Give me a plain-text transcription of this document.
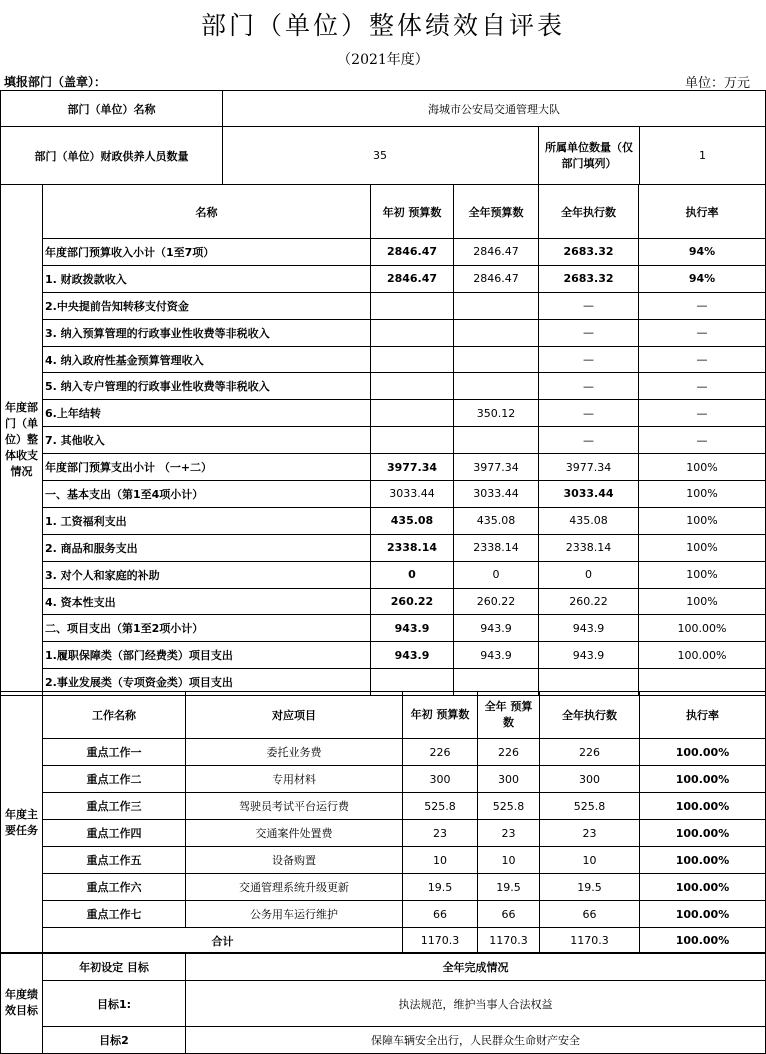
部门（单位）整体绩效自评表
（2021年度）
填报部门（盖章）：	单位：万元
部门（单位）名称	海城市公安局交通管理大队		
部门（单位）财政供养人员数量	35	所属单位数量（仅部门填列）	1
年度部门（单位）整体收支情况	名称	年初 预算数	全年预算数	全年执行数	执行率
	年度部门预算收入小计（1至7项）	2846.47	2846.47	2683.32	94%
	1. 财政拨款收入	2846.47	2846.47	2683.32	94%
	2.中央提前告知转移支付资金			—	—
	3. 纳入预算管理的行政事业性收费等非税收入			—	—
	4. 纳入政府性基金预算管理收入			—	—
	5. 纳入专户管理的行政事业性收费等非税收入			—	—
	6.上年结转		350.12	—	—
	7. 其他收入			—	—
	年度部门预算支出小计 （一+二）	3977.34	3977.34	3977.34	100%
	一、基本支出（第1至4项小计）	3033.44	3033.44	3033.44	100%
	1. 工资福利支出	435.08	435.08	435.08	100%
	2. 商品和服务支出	2338.14	2338.14	2338.14	100%
	3. 对个人和家庭的补助	0	0	0	100%
	4. 资本性支出	260.22	260.22	260.22	100%
	二、项目支出（第1至2项小计）	943.9	943.9	943.9	100.00%
	1.履职保障类（部门经费类）项目支出	943.9	943.9	943.9	100.00%
	2.事业发展类（专项资金类）项目支出				
年度主要任务	工作名称	对应项目	年初 预算数	全年 预算数	全年执行数	执行率
	重点工作一	委托业务费	226	226	226	100.00%
	重点工作二	专用材料	300	300	300	100.00%
	重点工作三	驾驶员考试平台运行费	525.8	525.8	525.8	100.00%
	重点工作四	交通案件处置费	23	23	23	100.00%
	重点工作五	设备购置	10	10	10	100.00%
	重点工作六	交通管理系统升级更新	19.5	19.5	19.5	100.00%
	重点工作七	公务用车运行维护	66	66	66	100.00%
	合计		1170.3	1170.3	1170.3	100.00%
年度绩效目标	年初设定 目标	全年完成情况
	目标1:	执法规范，维护当事人合法权益
	目标2	保障车辆安全出行，人民群众生命财产安全
